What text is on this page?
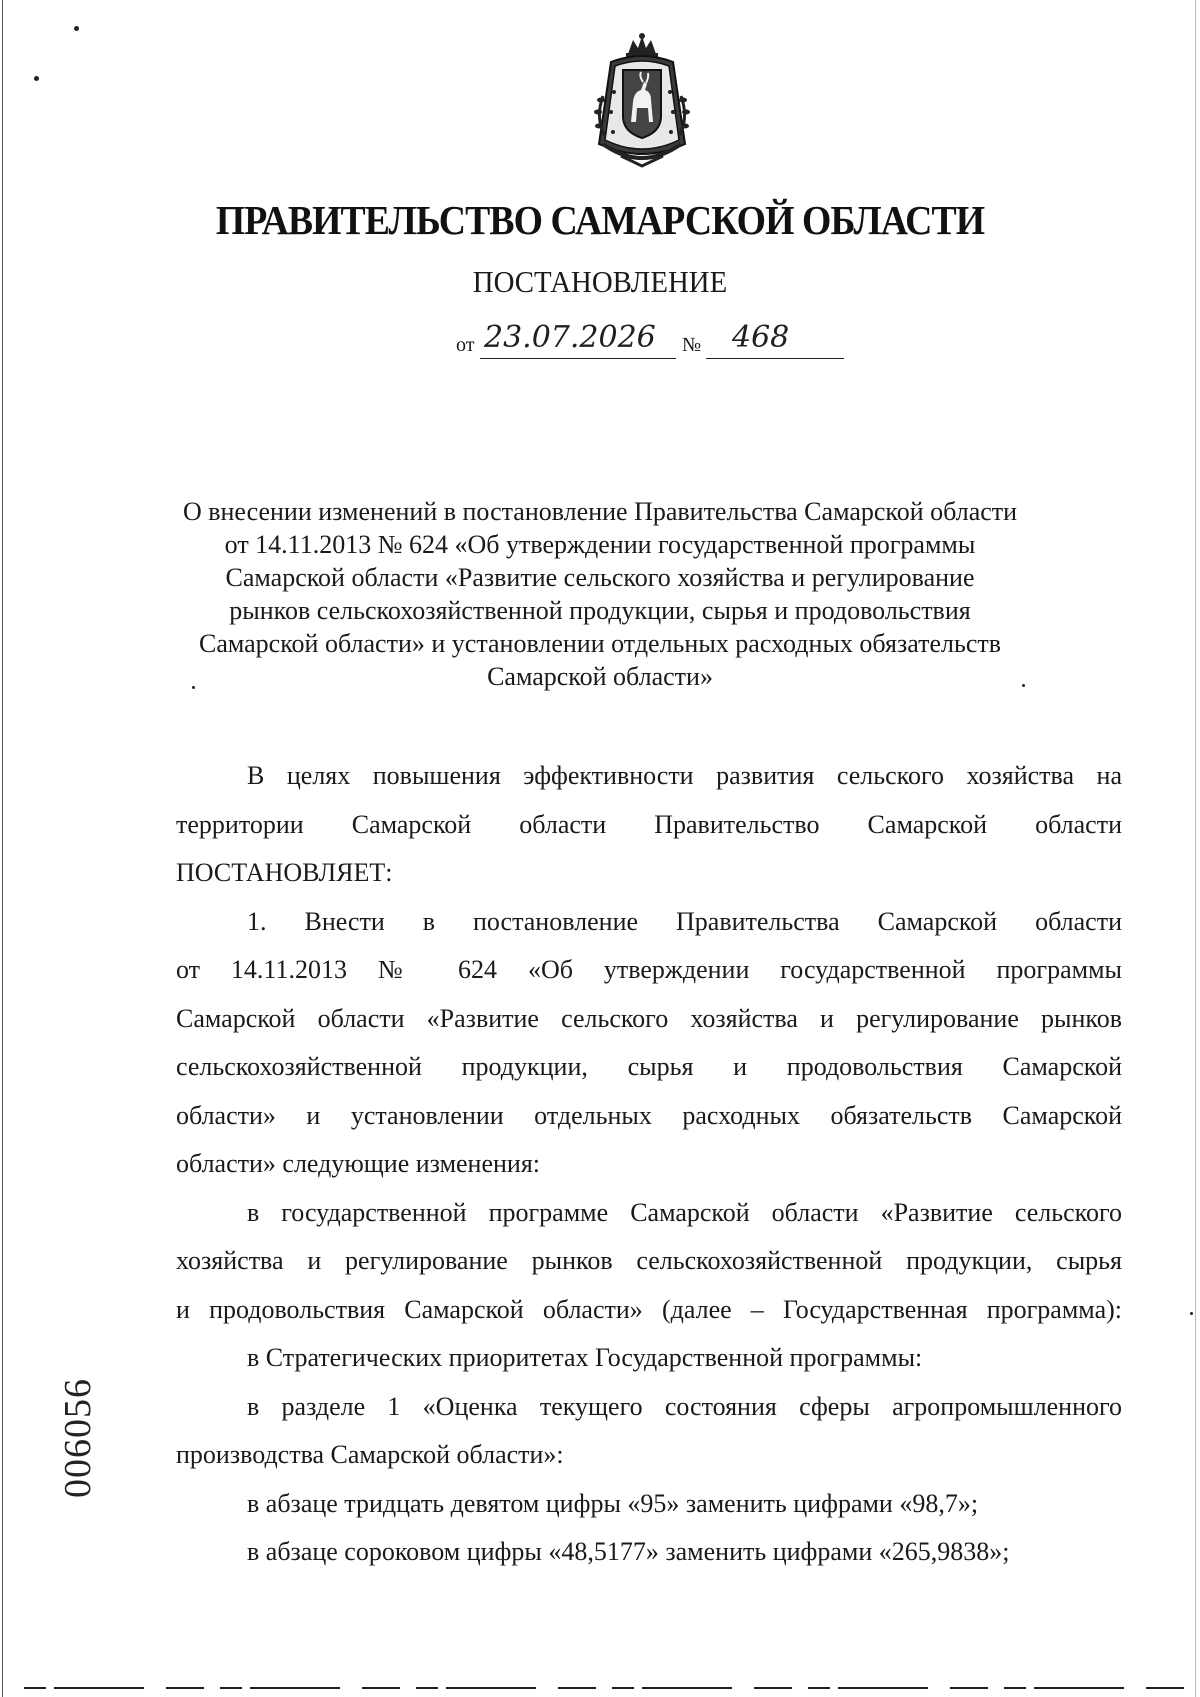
ПРАВИТЕЛЬСТВО САМАРСКОЙ ОБЛАСТИ
ПОСТАНОВЛЕНИЕ
от 23.07.2026 № 468
О внесении изменений в постановление Правительства Самарской области
от 14.11.2013 № 624 «Об утверждении государственной программы
Самарской области «Развитие сельского хозяйства и регулирование
рынков сельскохозяйственной продукции, сырья и продовольствия
Самарской области» и установлении отдельных расходных обязательств
Самарской области»
В целях повышения эффективности развития сельского хозяйства на
территории Самарской области Правительство Самарской области
ПОСТАНОВЛЯЕТ:
1. Внести в постановление Правительства Самарской области
от 14.11.2013 № 624 «Об утверждении государственной программы
Самарской области «Развитие сельского хозяйства и регулирование рынков
сельскохозяйственной продукции, сырья и продовольствия Самарской
области» и установлении отдельных расходных обязательств Самарской
области» следующие изменения:
в государственной программе Самарской области «Развитие сельского
хозяйства и регулирование рынков сельскохозяйственной продукции, сырья
и продовольствия Самарской области» (далее – Государственная программа):
в Стратегических приоритетах Государственной программы:
в разделе 1 «Оценка текущего состояния сферы агропромышленного
производства Самарской области»:
в абзаце тридцать девятом цифры «95» заменить цифрами «98,7»;
в абзаце сороковом цифры «48,5177» заменить цифрами «265,9838»;
006056
